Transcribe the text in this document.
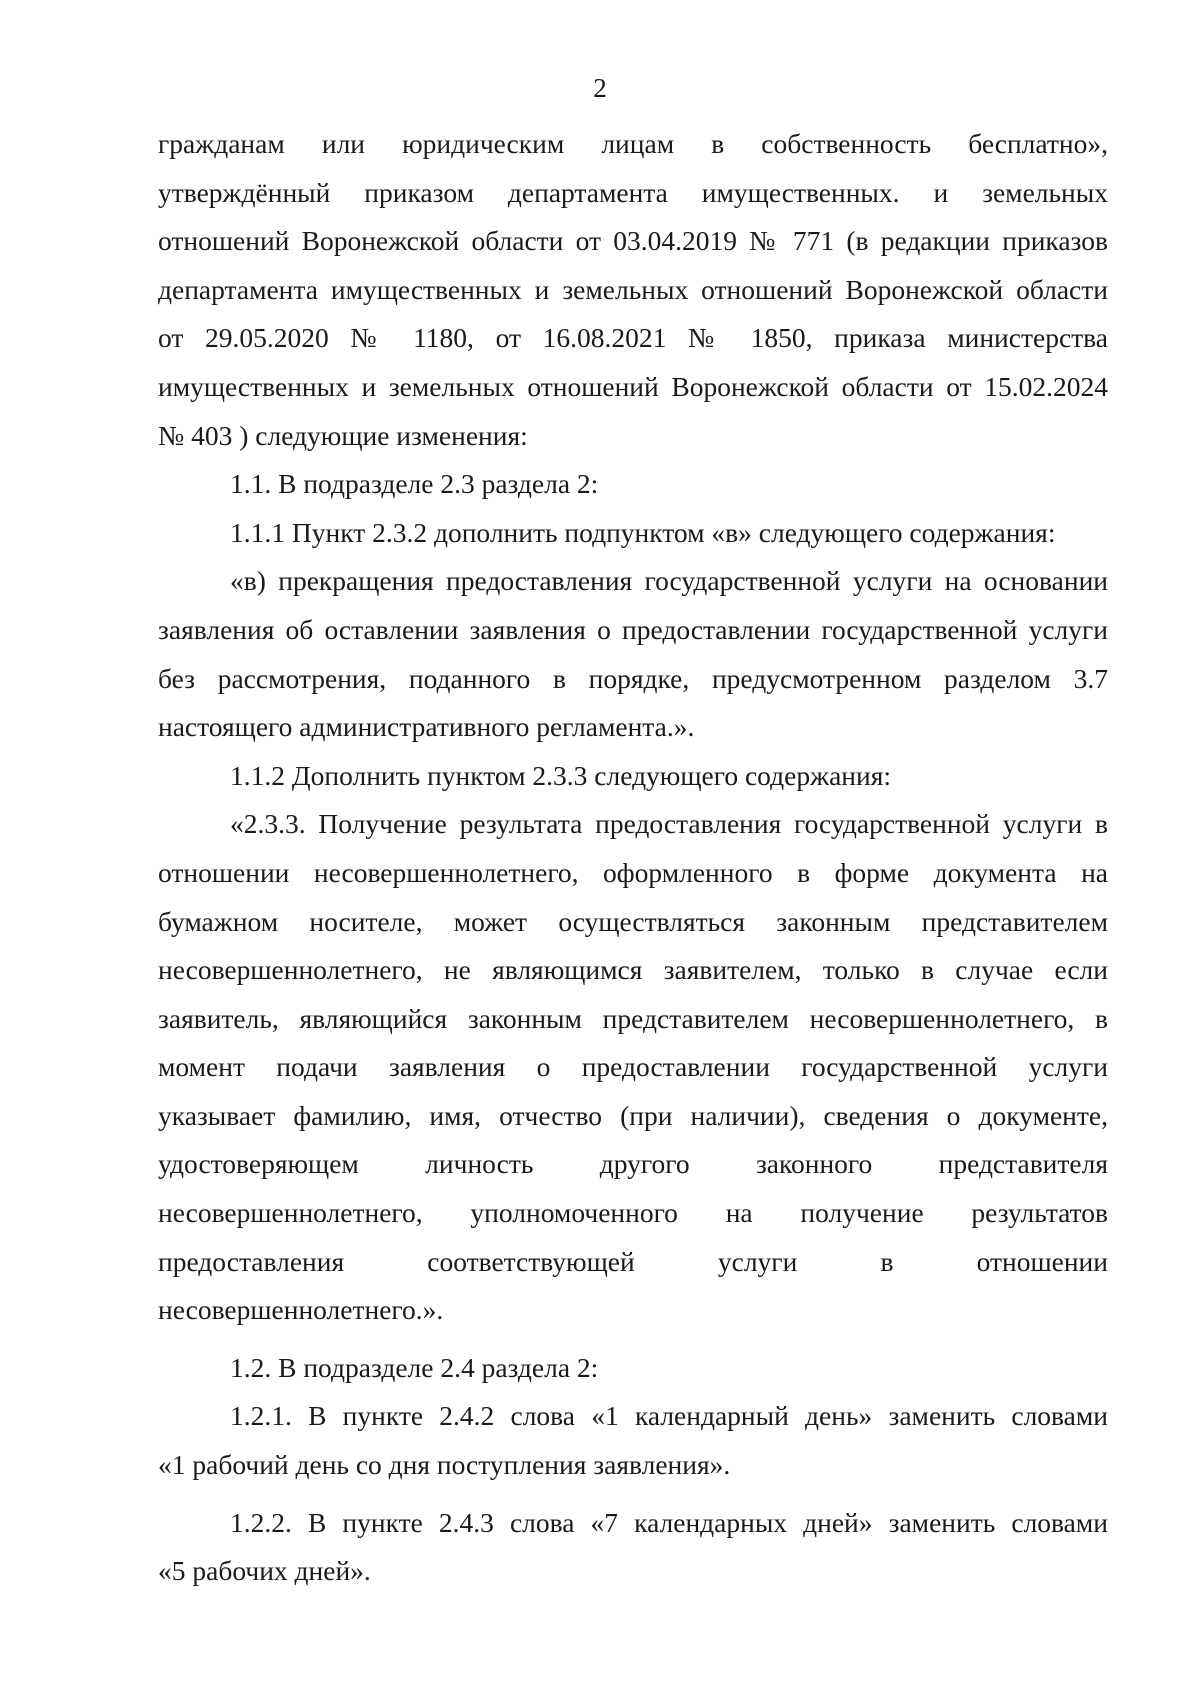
2
гражданам или юридическим лицам в собственность бесплатно»,
утверждённый приказом департамента имущественных. и земельных
отношений Воронежской области от 03.04.2019 № 771 (в редакции приказов
департамента имущественных и земельных отношений Воронежской области
от 29.05.2020 № 1180, от 16.08.2021 № 1850, приказа министерства
имущественных и земельных отношений Воронежской области от 15.02.2024
№ 403 ) следующие изменения:
1.1. В подразделе 2.3 раздела 2:
1.1.1 Пункт 2.3.2 дополнить подпунктом «в» следующего содержания:
«в) прекращения предоставления государственной услуги на основании
заявления об оставлении заявления о предоставлении государственной услуги
без рассмотрения, поданного в порядке, предусмотренном разделом 3.7
настоящего административного регламента.».
1.1.2 Дополнить пунктом 2.3.3 следующего содержания:
«2.3.3. Получение результата предоставления государственной услуги в
отношении несовершеннолетнего, оформленного в форме документа на
бумажном носителе, может осуществляться законным представителем
несовершеннолетнего, не являющимся заявителем, только в случае если
заявитель, являющийся законным представителем несовершеннолетнего, в
момент подачи заявления о предоставлении государственной услуги
указывает фамилию, имя, отчество (при наличии), сведения о документе,
удостоверяющем личность другого законного представителя
несовершеннолетнего, уполномоченного на получение результатов
предоставления соответствующей услуги в отношении
несовершеннолетнего.».
1.2. В подразделе 2.4 раздела 2:
1.2.1. В пункте 2.4.2 слова «1 календарный день» заменить словами
«1 рабочий день со дня поступления заявления».
1.2.2. В пункте 2.4.3 слова «7 календарных дней» заменить словами
«5 рабочих дней».
